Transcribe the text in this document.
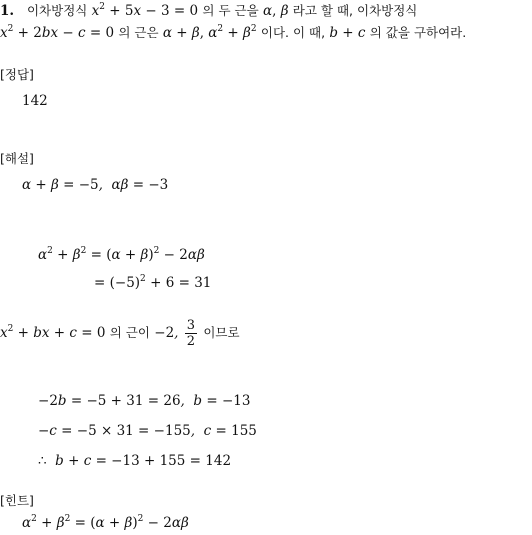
1. 이차방정식 $x^2 + 5x - 3 = 0$ 의 두 근을 α, β 라고 할 때, 이차방정식
$x^2 + 2bx - c = 0$ 의 근은 α + β, $\alpha^2 + \beta^2$ 이다. 이 때, b + c 의 값을 구하여라.
[정답]
142
[해설]
α + β = −5,  αβ = −3
$\alpha^2 + \beta^2 = (\alpha + \beta)^2 - 2\alpha\beta$
= $(-5)^2 + 6 = 31$
$x^2$ + bx + c = 0 의 근이 −2, $\frac{3}{2}$ 이므로
−2b = −5 + 31 = 26,  b = −13
−c = −5 × 31 = −155,  c = 155
∴  b + c = −13 + 155 = 142
[힌트]
$\alpha^2 + \beta^2 = (\alpha + \beta)^2 - 2\alpha\beta$
